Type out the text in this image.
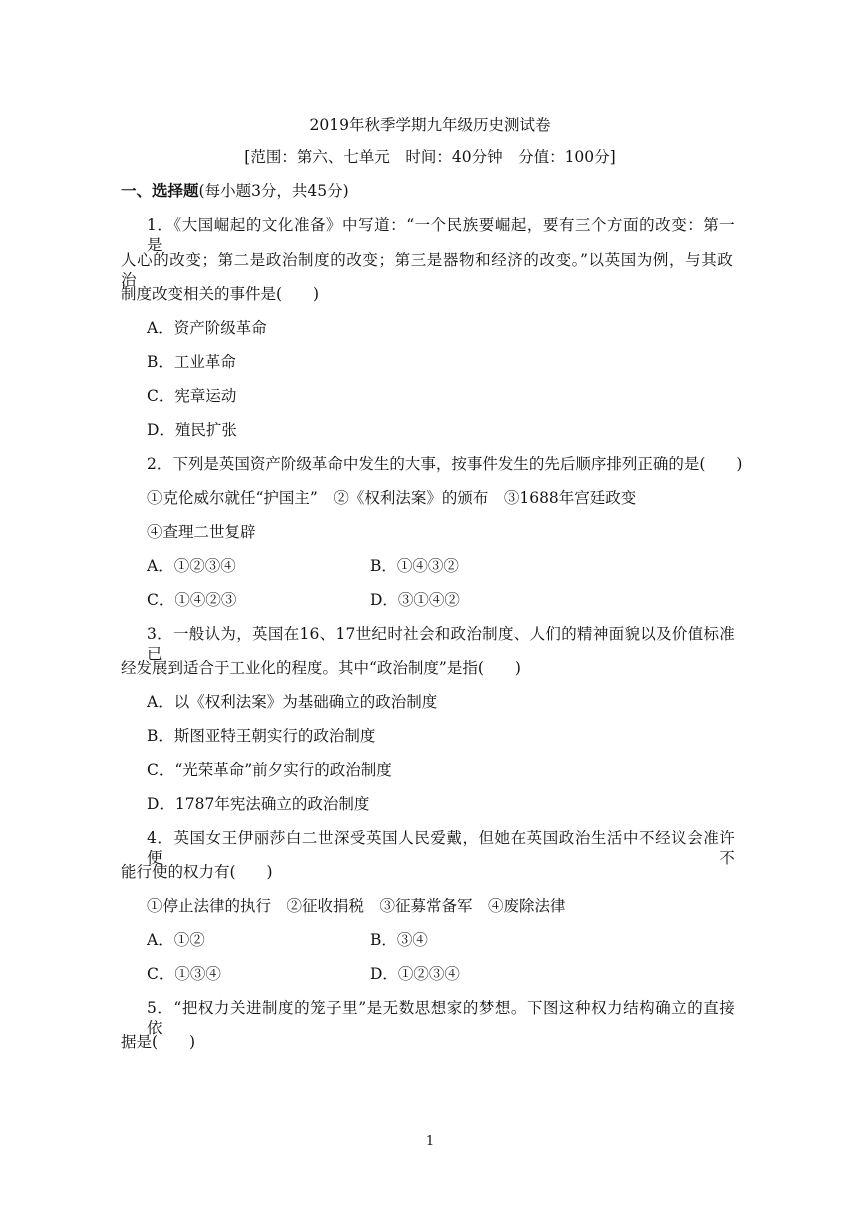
2019年秋季学期九年级历史测试卷
[范围：第六、七单元　时间：40分钟　分值：100分]
一、选择题(每小题3分，共45分)
1．《大国崛起的文化准备》中写道：“一个民族要崛起，要有三个方面的改变：第一是
人心的改变；第二是政治制度的改变；第三是器物和经济的改变。”以英国为例，与其政治
制度改变相关的事件是(　　)
A．资产阶级革命
B．工业革命
C．宪章运动
D．殖民扩张
2．下列是英国资产阶级革命中发生的大事，按事件发生的先后顺序排列正确的是(　　)
①克伦威尔就任“护国主”　②《权利法案》的颁布　③1688年宫廷政变
④查理二世复辟
A．①②③④	B．①④③②
C．①④②③	D．③①④②
3．一般认为，英国在16、17世纪时社会和政治制度、人们的精神面貌以及价值标准已
经发展到适合于工业化的程度。其中“政治制度”是指(　　)
A．以《权利法案》为基础确立的政治制度
B．斯图亚特王朝实行的政治制度
C．“光荣革命”前夕实行的政治制度
D．1787年宪法确立的政治制度
4．英国女王伊丽莎白二世深受英国人民爱戴，但她在英国政治生活中不经议会准许便不
能行使的权力有(　　)
①停止法律的执行　②征收捐税　③征募常备军　④废除法律
A．①②	B．③④
C．①③④	D．①②③④
5．“把权力关进制度的笼子里”是无数思想家的梦想。下图这种权力结构确立的直接依
据是(　　)
1
